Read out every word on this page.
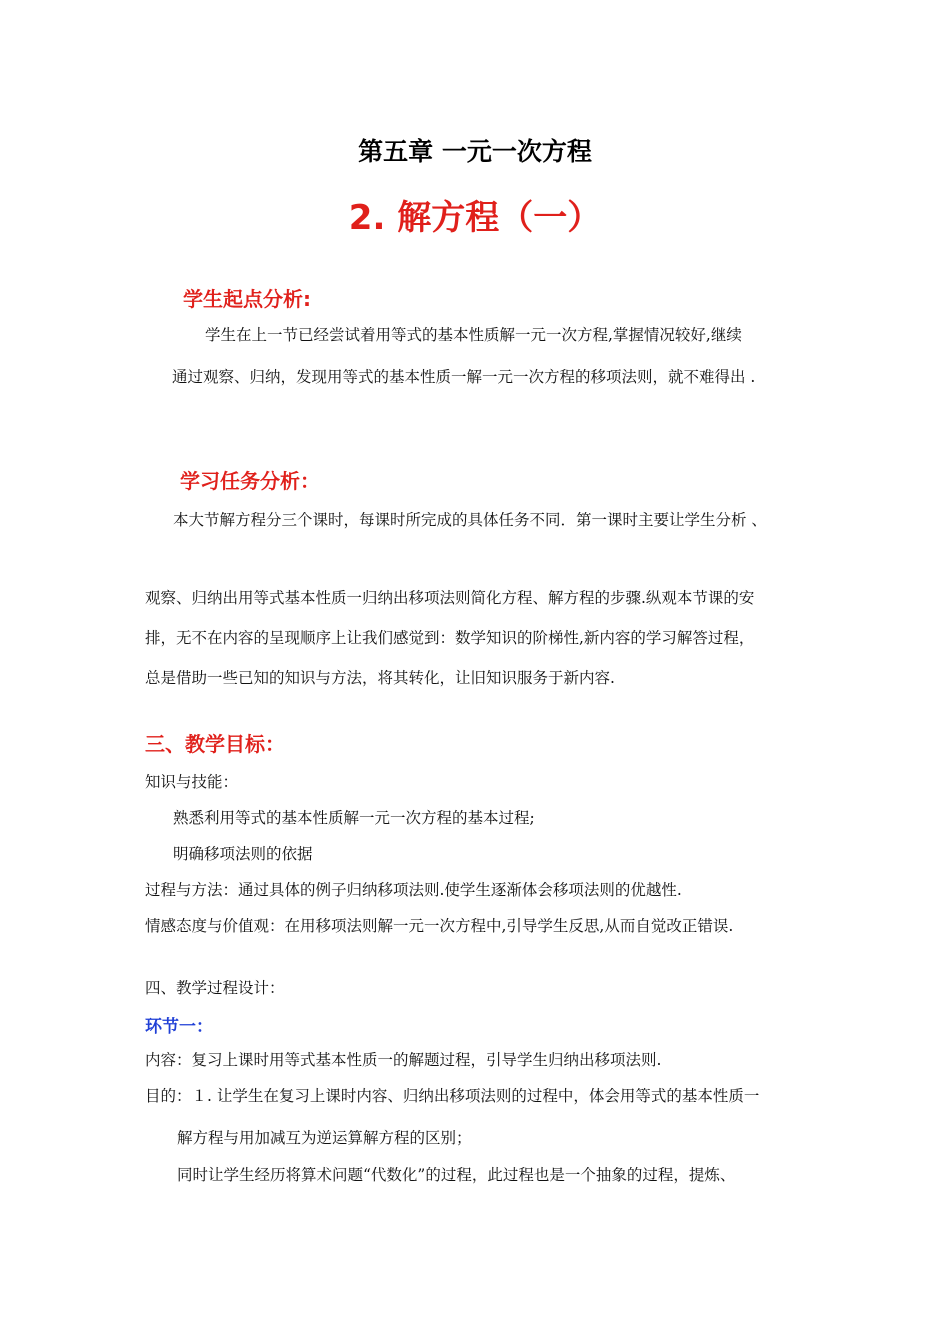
第五章 一元一次方程
2. 解方程（一）
学生起点分析:
学生在上一节已经尝试着用等式的基本性质解一元一次方程,掌握情况较好,继续
通过观察、归纳，发现用等式的基本性质一解一元一次方程的移项法则，就不难得出 .
学习任务分析：
本大节解方程分三个课时，每课时所完成的具体任务不同．第一课时主要让学生分析 、
观察、归纳出用等式基本性质一归纳出移项法则简化方程、解方程的步骤.纵观本节课的安
排，无不在内容的呈现顺序上让我们感觉到：数学知识的阶梯性,新内容的学习解答过程，
总是借助一些已知的知识与方法，将其转化，让旧知识服务于新内容.
三、教学目标：
知识与技能：
熟悉利用等式的基本性质解一元一次方程的基本过程;
明确移项法则的依据
过程与方法：通过具体的例子归纳移项法则.使学生逐渐体会移项法则的优越性.
情感态度与价值观：在用移项法则解一元一次方程中,引导学生反思,从而自觉改正错误.
四、教学过程设计：
环节一：
内容：复习上课时用等式基本性质一的解题过程，引导学生归纳出移项法则.
目的：１. 让学生在复习上课时内容、归纳出移项法则的过程中，体会用等式的基本性质一
解方程与用加减互为逆运算解方程的区别；
同时让学生经历将算术问题“代数化”的过程，此过程也是一个抽象的过程，提炼、
